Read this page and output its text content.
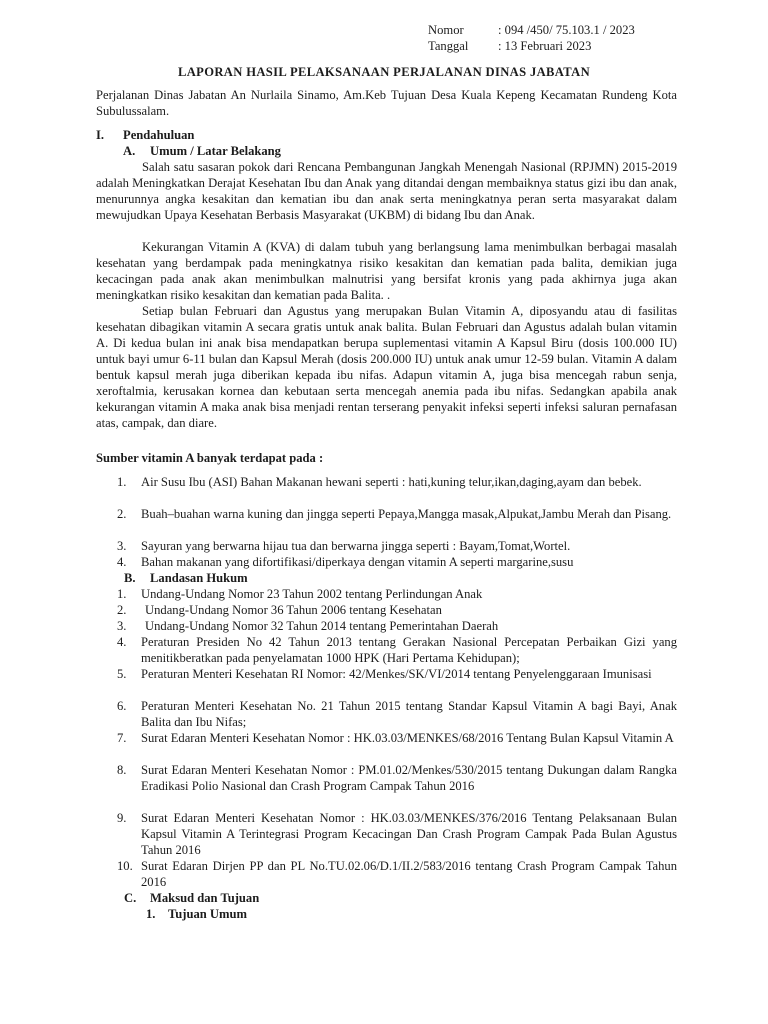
Nomor	: 094 /450/ 75.103.1 / 2023
Tanggal	: 13 Februari 2023
LAPORAN HASIL PELAKSANAAN PERJALANAN DINAS JABATAN
Perjalanan Dinas Jabatan An Nurlaila Sinamo, Am.Keb Tujuan Desa Kuala Kepeng Kecamatan Rundeng Kota Subulussalam.
I. Pendahuluan
A. Umum / Latar Belakang
Salah satu sasaran pokok dari Rencana Pembangunan Jangkah Menengah Nasional (RPJMN) 2015-2019 adalah Meningkatkan Derajat Kesehatan Ibu dan Anak yang ditandai dengan membaiknya status gizi ibu dan anak, menurunnya angka kesakitan dan kematian ibu dan anak serta meningkatnya peran serta masyarakat dalam mewujudkan Upaya Kesehatan Berbasis Masyarakat (UKBM) di bidang Ibu dan Anak.
Kekurangan Vitamin A (KVA) di dalam tubuh yang berlangsung lama menimbulkan berbagai masalah kesehatan yang berdampak pada meningkatnya risiko kesakitan dan kematian pada balita, demikian juga kecacingan pada anak akan menimbulkan malnutrisi yang bersifat kronis yang pada akhirnya juga akan meningkatkan risiko kesakitan dan kematian pada Balita. .
Setiap bulan Februari dan Agustus yang merupakan Bulan Vitamin A, diposyandu atau di fasilitas kesehatan dibagikan vitamin A secara gratis untuk anak balita. Bulan Februari dan Agustus adalah bulan vitamin A. Di kedua bulan ini anak bisa mendapatkan berupa suplementasi vitamin A Kapsul Biru (dosis 100.000 IU) untuk bayi umur 6-11 bulan dan Kapsul Merah (dosis 200.000 IU) untuk anak umur 12-59 bulan. Vitamin A dalam bentuk kapsul merah juga diberikan kepada ibu nifas. Adapun vitamin A, juga bisa mencegah rabun senja, xeroftalmia, kerusakan kornea dan kebutaan serta mencegah anemia pada ibu nifas. Sedangkan apabila anak kekurangan vitamin A maka anak bisa menjadi rentan terserang penyakit infeksi seperti infeksi saluran pernafasan atas, campak, dan diare.
Sumber vitamin A banyak terdapat pada :
1. Air Susu Ibu (ASI) Bahan Makanan hewani seperti : hati,kuning telur,ikan,daging,ayam dan bebek.
2. Buah–buahan warna kuning dan jingga seperti Pepaya,Mangga masak,Alpukat,Jambu Merah dan Pisang.
3. Sayuran yang berwarna hijau tua dan berwarna jingga seperti : Bayam,Tomat,Wortel.
4. Bahan makanan yang difortifikasi/diperkaya dengan vitamin A seperti margarine,susu
B. Landasan Hukum
1. Undang-Undang Nomor 23 Tahun 2002 tentang Perlindungan Anak
2. Undang-Undang Nomor 36 Tahun 2006 tentang Kesehatan
3. Undang-Undang Nomor 32 Tahun 2014 tentang Pemerintahan Daerah
4. Peraturan Presiden No 42 Tahun 2013 tentang Gerakan Nasional Percepatan Perbaikan Gizi yang menitikberatkan pada penyelamatan 1000 HPK (Hari Pertama Kehidupan);
5. Peraturan Menteri Kesehatan RI Nomor: 42/Menkes/SK/VI/2014 tentang Penyelenggaraan Imunisasi
6. Peraturan Menteri Kesehatan No. 21 Tahun 2015 tentang Standar Kapsul Vitamin A bagi Bayi, Anak Balita dan Ibu Nifas;
7. Surat Edaran Menteri Kesehatan Nomor : HK.03.03/MENKES/68/2016 Tentang Bulan Kapsul Vitamin A
8. Surat Edaran Menteri Kesehatan Nomor : PM.01.02/Menkes/530/2015 tentang Dukungan dalam Rangka Eradikasi Polio Nasional dan Crash Program Campak Tahun 2016
9. Surat Edaran Menteri Kesehatan Nomor : HK.03.03/MENKES/376/2016 Tentang Pelaksanaan Bulan Kapsul Vitamin A Terintegrasi Program Kecacingan Dan Crash Program Campak Pada Bulan Agustus Tahun 2016
10. Surat Edaran Dirjen PP dan PL No.TU.02.06/D.1/II.2/583/2016 tentang Crash Program Campak Tahun 2016
C. Maksud dan Tujuan
1. Tujuan Umum
